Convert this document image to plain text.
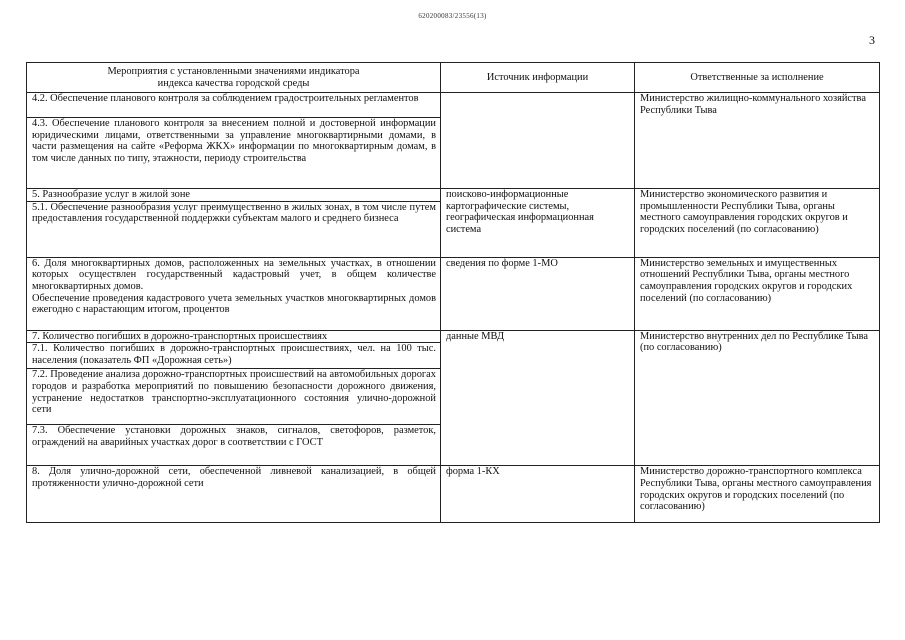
620200083/23556(13)
3
Мероприятия с установленными значениями индикатора
индекса качества городской среды	Источник информации	Ответственные за исполнение
4.2. Обеспечение планового контроля за соблюдением градостроительных регламентов		Министерство жилищно-коммунального хозяйства Республики Тыва
4.3. Обеспечение планового контроля за внесением полной и достоверной информации юридическими лицами, ответственными за управление многоквартирными домами, в части размещения на сайте «Реформа ЖКХ» информации по многоквартирным домам, в том числе данных по типу, этажности, периоду строительства		
5. Разнообразие услуг в жилой зоне	поисково-информационные картографические системы, географическая информационная система	Министерство экономического развития и промышленности Республики Тыва, органы местного самоуправления городских округов и городских поселений (по согласованию)
5.1. Обеспечение разнообразия услуг преимущественно в жилых зонах, в том числе путем предоставления государственной поддержки субъектам малого и среднего бизнеса		

6. Доля многоквартирных домов, расположенных на земельных участках, в отношении которых осуществлен государственный кадастровый учет, в общем количестве многоквартирных домов.
Обеспечение проведения кадастрового учета земельных участков многоквартирных домов ежегодно с нарастающим итогом, процентов	сведения по форме 1-МО	Министерство земельных и имущественных отношений Республики Тыва, органы местного самоуправления городских округов и городских поселений (по согласованию)
7. Количество погибших в дорожно-транспортных происшествиях	данные МВД	Министерство внутренних дел по Республике Тыва (по согласованию)
7.1. Количество погибших в дорожно-транспортных происшествиях, чел. на 100 тыс. населения (показатель ФП «Дорожная сеть»)		
7.2. Проведение анализа дорожно-транспортных происшествий на автомобильных дорогах городов и разработка мероприятий по повышению безопасности дорожного движения, устранение недостатков транспортно-эксплуатационного состояния улично-дорожной сети		
7.3. Обеспечение установки дорожных знаков, сигналов, светофоров, разметок, ограждений на аварийных участках дорог в соответствии с ГОСТ		
8. Доля улично-дорожной сети, обеспеченной ливневой канализацией, в общей протяженности улично-дорожной сети	форма 1-КХ	Министерство дорожно-транспортного комплекса Республики Тыва, органы местного самоуправления городских округов и городских поселений (по согласованию)
